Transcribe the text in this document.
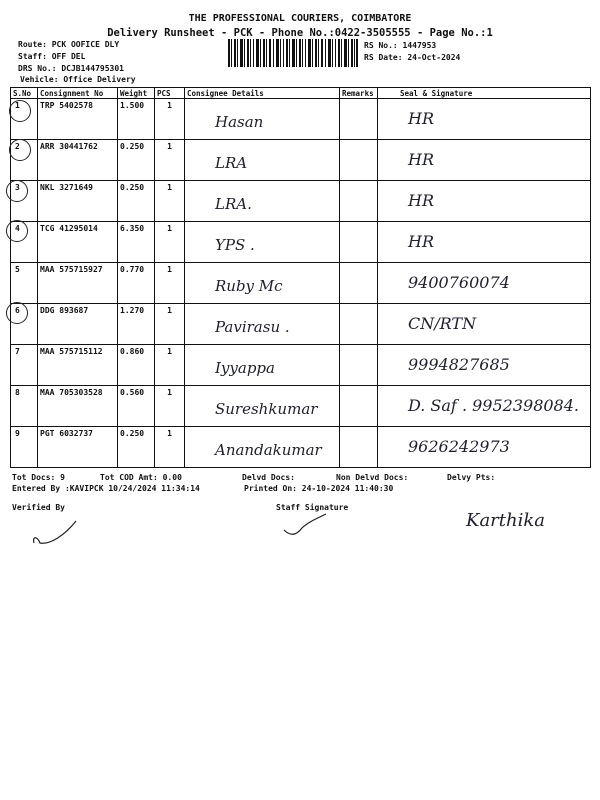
THE PROFESSIONAL COURIERS, COIMBATORE
Delivery Runsheet - PCK - Phone No.:0422-3505555 - Page No.:1
Route: PCK OOFICE DLY
Staff: OFF DEL
DRS No.: DCJB144795301
Vehicle: Office Delivery
RS No.: 1447953
RS Date: 24-Oct-2024
S.No	Consignment No	Weight	PCS	Consignee Details	Remarks	Seal & Signature
1	TRP 5402578	1.500	1	Hasan		HR

2	ARR 30441762	0.250	1	LRA		HR

3	NKL 3271649	0.250	1	LRA.		HR

4	TCG 41295014	6.350	1	YPS .		HR

5	MAA 575715927	0.770	1	Ruby Mc		9400760074

6	DDG 893687	1.270	1	Pavirasu .		CN/RTN

7	MAA 575715112	0.860	1	Iyyappa		9994827685

8	MAA 705303528	0.560	1	Sureshkumar		D. Saf . 9952398084.

9	PGT 6032737	0.250	1	Anandakumar		9626242973
Tot Docs: 9	Tot COD Amt: 0.00	Delvd Docs:	Non Delvd Docs:	Delvy Pts:
Entered By :KAVIPCK 10/24/2024 11:34:14	Printed On: 24-10-2024 11:40:30
Verified By	Staff Signature
Karthika
